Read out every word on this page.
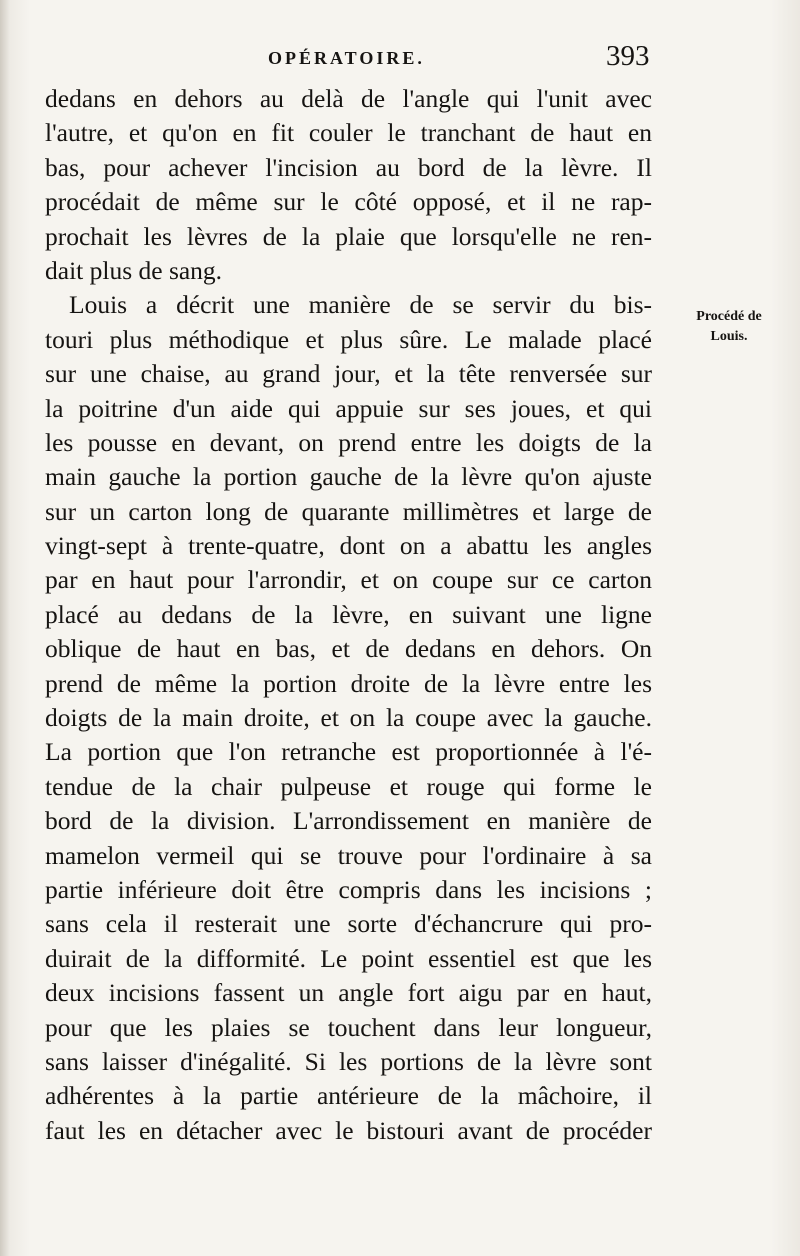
OPÉRATOIRE.	393
dedans en dehors au delà de l'angle qui l'unit avec
l'autre, et qu'on en fit couler le tranchant de haut en
bas, pour achever l'incision au bord de la lèvre. Il
procédait de même sur le côté opposé, et il ne rap-
prochait les lèvres de la plaie que lorsqu'elle ne ren-
dait plus de sang.
Louis a décrit une manière de se servir du bis-
touri plus méthodique et plus sûre. Le malade placé
sur une chaise, au grand jour, et la tête renversée sur
la poitrine d'un aide qui appuie sur ses joues, et qui
les pousse en devant, on prend entre les doigts de la
main gauche la portion gauche de la lèvre qu'on ajuste
sur un carton long de quarante millimètres et large de
vingt-sept à trente-quatre, dont on a abattu les angles
par en haut pour l'arrondir, et on coupe sur ce carton
placé au dedans de la lèvre, en suivant une ligne
oblique de haut en bas, et de dedans en dehors. On
prend de même la portion droite de la lèvre entre les
doigts de la main droite, et on la coupe avec la gauche.
La portion que l'on retranche est proportionnée à l'é-
tendue de la chair pulpeuse et rouge qui forme le
bord de la division. L'arrondissement en manière de
mamelon vermeil qui se trouve pour l'ordinaire à sa
partie inférieure doit être compris dans les incisions ;
sans cela il resterait une sorte d'échancrure qui pro-
duirait de la difformité. Le point essentiel est que les
deux incisions fassent un angle fort aigu par en haut,
pour que les plaies se touchent dans leur longueur,
sans laisser d'inégalité. Si les portions de la lèvre sont
adhérentes à la partie antérieure de la mâchoire, il
faut les en détacher avec le bistouri avant de procéder
Procédé de
Louis.
